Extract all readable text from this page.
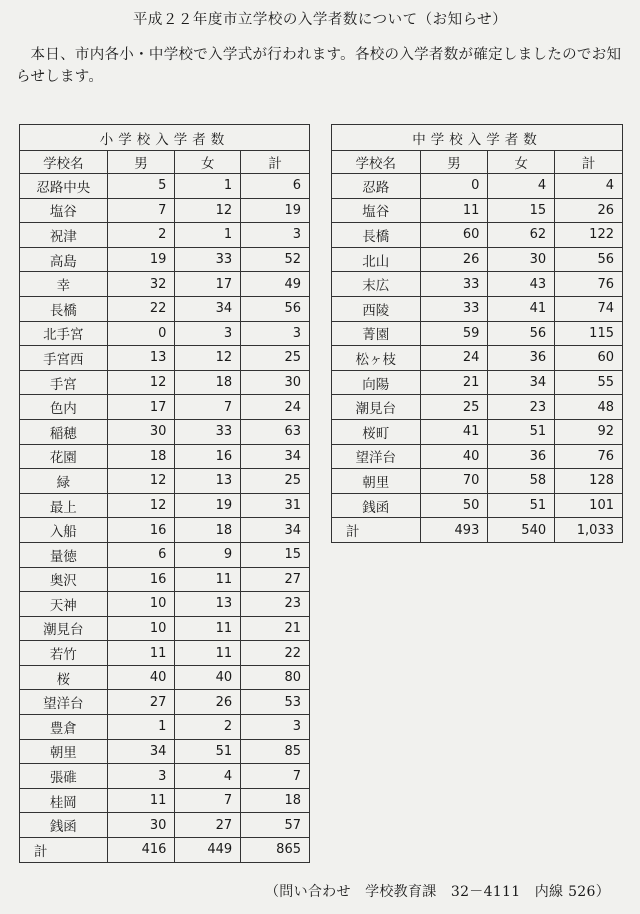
平成２２年度市立学校の入学者数について（お知らせ）
本日、市内各小・中学校で入学式が行われます。各校の入学者数が確定しましたのでお知らせします。
小学校入学者数			
学校名	男	女	計
忍路中央	5	1	6
塩谷	7	12	19
祝津	2	1	3
高島	19	33	52
幸	32	17	49
長橋	22	34	56
北手宮	0	3	3
手宮西	13	12	25
手宮	12	18	30
色内	17	7	24
稲穂	30	33	63
花園	18	16	34
緑	12	13	25
最上	12	19	31
入船	16	18	34
量徳	6	9	15
奥沢	16	11	27
天神	10	13	23
潮見台	10	11	21
若竹	11	11	22
桜	40	40	80
望洋台	27	26	53
豊倉	1	2	3
朝里	34	51	85
張碓	3	4	7
桂岡	11	7	18
銭函	30	27	57
計	416	449	865
中学校入学者数			
学校名	男	女	計
忍路	0	4	4
塩谷	11	15	26
長橋	60	62	122
北山	26	30	56
末広	33	43	76
西陵	33	41	74
菁園	59	56	115
松ヶ枝	24	36	60
向陽	21	34	55
潮見台	25	23	48
桜町	41	51	92
望洋台	40	36	76
朝里	70	58	128
銭函	50	51	101
計	493	540	1,033
（問い合わせ　学校教育課　32－4111　内線 526）
